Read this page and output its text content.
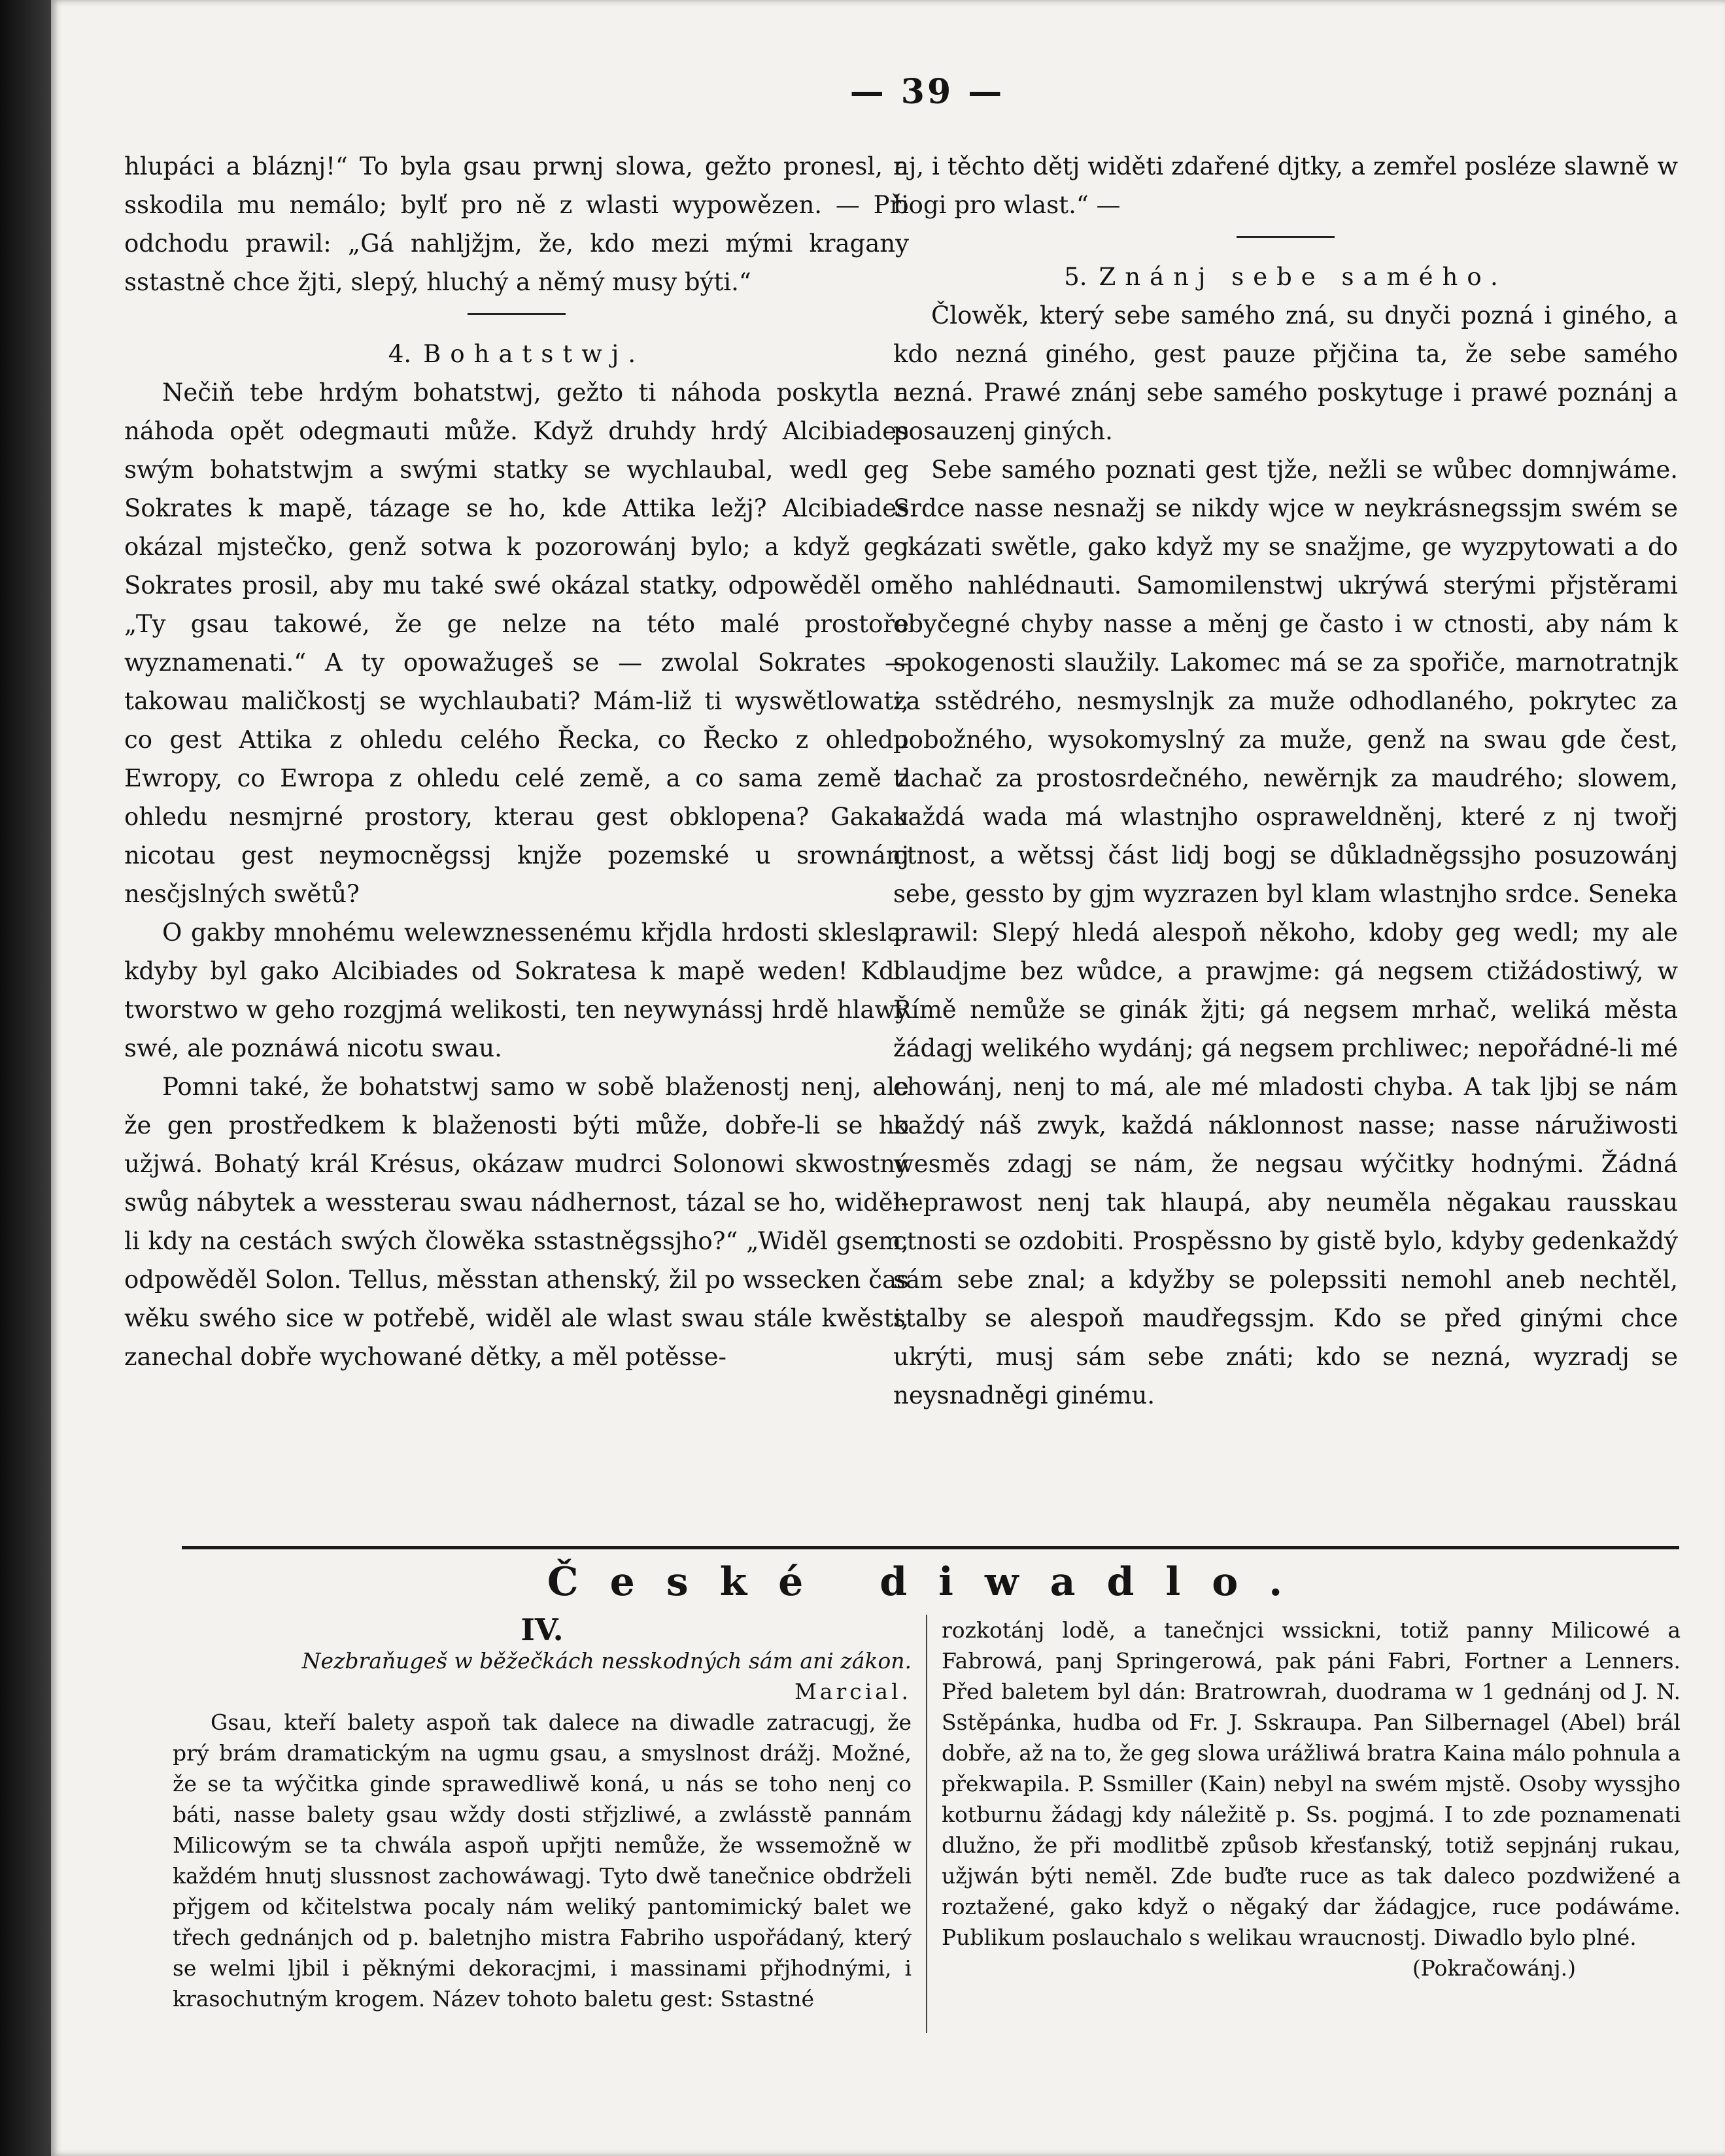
— 39 —

hlupáci a bláznj!“ To byla gsau prwnj slowa, gežto pronesl, a sskodila mu nemálo; bylť pro ně z wlasti wypowězen. — Při odchodu prawil: „Gá nahljžjm, že, kdo mezi mými kragany sstastně chce žjti, slepý, hluchý a němý musy býti.“

4. Bohatstwj.

Nečiň tebe hrdým bohatstwj, gežto ti náhoda poskytla a náhoda opět odegmauti může. Když druhdy hrdý Alcibiades swým bohatstwjm a swými statky se wychlaubal, wedl geg Sokrates k mapě, tázage se ho, kde Attika ležj? Alcibiades okázal mjstečko, genž sotwa k pozorowánj bylo; a když geg Sokrates prosil, aby mu také swé okázal statky, odpowěděl on: „Ty gsau takowé, že ge nelze na této malé prostoře wyznamenati.“ A ty opowažugeš se — zwolal Sokrates — takowau maličkostj se wychlaubati? Mám-liž ti wyswětlowati, co gest Attika z ohledu celého Řecka, co Řecko z ohledu Ewropy, co Ewropa z ohledu celé země, a co sama země z ohledu nesmjrné prostory, kterau gest obklopena? Gakau nicotau gest neymocněgssj knjže pozemské u srownánj nesčjslných swětů?

O gakby mnohému welewznessenému křjdla hrdosti sklesla, kdyby byl gako Alcibiades od Sokratesa k mapě weden! Kdo tworstwo w geho rozgjmá welikosti, ten neywynássj hrdě hlawy swé, ale poznáwá nicotu swau.

Pomni také, že bohatstwj samo w sobě blaženostj nenj, ale že gen prostředkem k blaženosti býti může, dobře-li se ho užjwá. Bohatý král Krésus, okázaw mudrci Solonowi skwostný swůg nábytek a wessterau swau nádhernost, tázal se ho, widěl-li kdy na cestách swých člowěka sstastněgssjho?“ „Widěl gsem, odpowěděl Solon. Tellus, měsstan athenský, žil po wssecken čas wěku swého sice w potřebě, widěl ale wlast swau stále kwěsti, zanechal dobře wychowané dětky, a měl potěsse-

nj, i těchto dětj widěti zdařené djtky, a zemřel posléze slawně w bogi pro wlast.“ —

5. Znánj sebe samého.

Člowěk, který sebe samého zná, su dnyči pozná i giného, a kdo nezná giného, gest pauze přjčina ta, že sebe samého nezná. Prawé znánj sebe samého poskytuge i prawé poznánj a posauzenj giných.

Sebe samého poznati gest tjže, nežli se wůbec domnjwáme. Srdce nasse nesnažj se nikdy wjce w neykrásnegssjm swém se okázati swětle, gako když my se snažjme, ge wyzpytowati a do něho nahlédnauti. Samomilenstwj ukrýwá sterými přjstěrami obyčegné chyby nasse a měnj ge často i w ctnosti, aby nám k spokogenosti slaužily. Lakomec má se za spořiče, marnotratnjk za sstědrého, nesmyslnjk za muže odhodlaného, pokrytec za pobožného, wysokomyslný za muže, genž na swau gde čest, tlachač za prostosrdečného, newěrnjk za maudrého; slowem, každá wada má wlastnjho ospraweldněnj, které z nj twořj ctnost, a wětssj část lidj bogj se důkladněgssjho posuzowánj sebe, gessto by gjm wyzrazen byl klam wlastnjho srdce. Seneka prawil: Slepý hledá alespoň někoho, kdoby geg wedl; my ale blaudjme bez wůdce, a prawjme: gá negsem ctižádostiwý, w Římě nemůže se ginák žjti; gá negsem mrhač, weliká města žádagj welikého wydánj; gá negsem prchliwec; nepořádné-li mé chowánj, nenj to má, ale mé mladosti chyba. A tak ljbj se nám každý náš zwyk, každá náklonnost nasse; nasse náružiwosti wesměs zdagj se nám, že negsau wýčitky hodnými. Žádná neprawost nenj tak hlaupá, aby neuměla něgakau rausskau ctnosti se ozdobiti. Prospěssno by gistě bylo, kdyby gedenkaždý sám sebe znal; a kdyžby se polepssiti nemohl aneb nechtěl, stalby se alespoň maudřegssjm. Kdo se před ginými chce ukrýti, musj sám sebe znáti; kdo se nezná, wyzradj se neysnadněgi ginému.

České diwadlo.

IV.

Nezbraňugeš w běžečkách nesskodných sám ani zákon.

Marcial.

Gsau, kteří balety aspoň tak dalece na diwadle zatracugj, že prý brám dramatickým na ugmu gsau, a smyslnost drážj. Možné, že se ta wýčitka ginde sprawedliwě koná, u nás se toho nenj co báti, nasse balety gsau wždy dosti střjzliwé, a zwlásstě pannám Milicowým se ta chwála aspoň upřjti nemůže, že wssemožně w každém hnutj slussnost zachowáwagj. Tyto dwě tanečnice obdrželi přjgem od kčitelstwa pocaly nám weliký pantomimický balet we třech gednánjch od p. baletnjho mistra Fabriho uspořádaný, který se welmi ljbil i pěknými dekoracjmi, i massinami přjhodnými, i krasochutným krogem. Název tohoto baletu gest: Sstastné

rozkotánj lodě, a tanečnjci wssickni, totiž panny Milicowé a Fabrowá, panj Springerowá, pak páni Fabri, Fortner a Lenners. Před baletem byl dán: Bratrowrah, duodrama w 1 gednánj od J. N. Sstěpánka, hudba od Fr. J. Sskraupa. Pan Silbernagel (Abel) brál dobře, až na to, že geg slowa urážliwá bratra Kaina málo pohnula a překwapila. P. Ssmiller (Kain) nebyl na swém mjstě. Osoby wyssjho kotburnu žádagj kdy náležitě p. Ss. pogjmá. I to zde poznamenati dlužno, že při modlitbě způsob křesťanský, totiž sepjnánj rukau, užjwán býti neměl. Zde buďte ruce as tak daleco pozdwižené a roztažené, gako když o něgaký dar žádagjce, ruce podáwáme. Publikum poslauchalo s welikau wraucnostj. Diwadlo bylo plné.

(Pokračowánj.)
